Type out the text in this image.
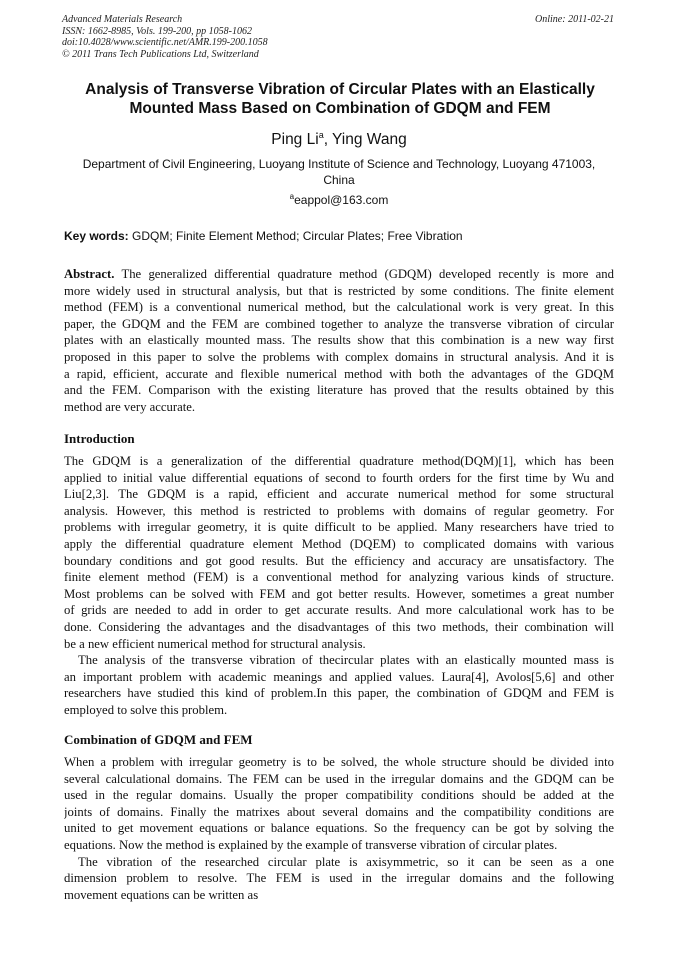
Advanced Materials Research
ISSN: 1662-8985, Vols. 199-200, pp 1058-1062
doi:10.4028/www.scientific.net/AMR.199-200.1058
© 2011 Trans Tech Publications Ltd, Switzerland
Online: 2011-02-21
Analysis of Transverse Vibration of Circular Plates with an Elastically
Mounted Mass Based on Combination of GDQM and FEM
Ping Li$^a$, Ying Wang
Department of Civil Engineering, Luoyang Institute of Science and Technology, Luoyang 471003,
China
$^a$eappol@163.com
Key words: GDQM; Finite Element Method; Circular Plates; Free Vibration
Abstract. The generalized differential quadrature method (GDQM) developed recently is more and
more widely used in structural analysis, but that is restricted by some conditions. The finite element
method (FEM) is a conventional numerical method, but the calculational work is very great. In this
paper, the GDQM and the FEM are combined together to analyze the transverse vibration of circular
plates with an elastically mounted mass. The results show that this combination is a new way first
proposed in this paper to solve the problems with complex domains in structural analysis. And it is
a rapid, efficient, accurate and flexible numerical method with both the advantages of the GDQM
and the FEM. Comparison with the existing literature has proved that the results obtained by this
method are very accurate.
Introduction
The GDQM is a generalization of the differential quadrature method(DQM)[1], which has been
applied to initial value differential equations of second to fourth orders for the first time by Wu and
Liu[2,3]. The GDQM is a rapid, efficient and accurate numerical method for some structural
analysis. However, this method is restricted to problems with domains of regular geometry. For
problems with irregular geometry, it is quite difficult to be applied. Many researchers have tried to
apply the differential quadrature element Method (DQEM) to complicated domains with various
boundary conditions and got good results. But the efficiency and accuracy are unsatisfactory. The
finite element method (FEM) is a conventional method for analyzing various kinds of structure.
Most problems can be solved with FEM and got better results. However, sometimes a great number
of grids are needed to add in order to get accurate results. And more calculational work has to be
done. Considering the advantages and the disadvantages of this two methods, their combination will
be a new efficient numerical method for structural analysis.
The analysis of the transverse vibration of thecircular plates with an elastically mounted mass is
an important problem with academic meanings and applied values. Laura[4], Avolos[5,6] and other
researchers have studied this kind of problem.In this paper, the combination of GDQM and FEM is
employed to solve this problem.
Combination of GDQM and FEM
When a problem with irregular geometry is to be solved, the whole structure should be divided into
several calculational domains. The FEM can be used in the irregular domains and the GDQM can be
used in the regular domains. Usually the proper compatibility conditions should be added at the
joints of domains. Finally the matrixes about several domains and the compatibility conditions are
united to get movement equations or balance equations. So the frequency can be got by solving the
equations. Now the method is explained by the example of transverse vibration of circular plates.
The vibration of the researched circular plate is axisymmetric, so it can be seen as a one
dimension problem to resolve. The FEM is used in the irregular domains and the following
movement equations can be written as
